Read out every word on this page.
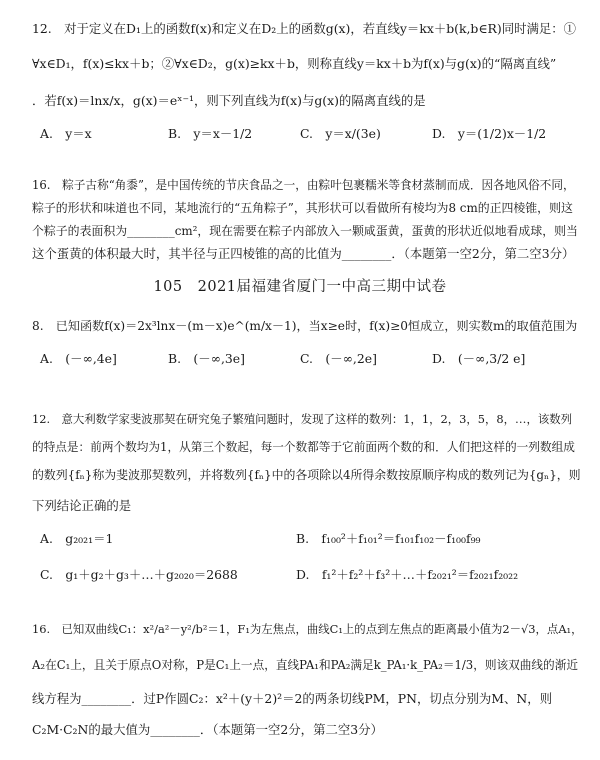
12.　对于定义在D₁上的函数f(x)和定义在D₂上的函数g(x)，若直线y＝kx＋b(k,b∈R)同时满足：①
∀x∈D₁，f(x)≤kx＋b；②∀x∈D₂，g(x)≥kx＋b，则称直线y＝kx＋b为f(x)与g(x)的“隔离直线”
．若f(x)＝lnx/x，g(x)＝eˣ⁻¹，则下列直线为f(x)与g(x)的隔离直线的是
A.　y＝x	B.　y＝x－1/2	C.　y＝x/(3e)	D.　y＝(1/2)x－1/2
16.　粽子古称“角黍”，是中国传统的节庆食品之一，由粽叶包裹糯米等食材蒸制而成．因各地风俗不同，
粽子的形状和味道也不同，某地流行的“五角粽子”，其形状可以看做所有棱均为8 cm的正四棱锥，则这
个粽子的表面积为________cm²，现在需要在粽子内部放入一颗咸蛋黄，蛋黄的形状近似地看成球，则当
这个蛋黄的体积最大时，其半径与正四棱锥的高的比值为________．（本题第一空2分，第二空3分）
105　2021届福建省厦门一中高三期中试卷
8.　已知函数f(x)＝2x³lnx－(m－x)e^(m/x－1)，当x≥e时，f(x)≥0恒成立，则实数m的取值范围为
A.　(－∞,4e]	B.　(－∞,3e]	C.　(－∞,2e]	D.　(－∞,3/2 e]
12.　意大利数学家斐波那契在研究兔子繁殖问题时，发现了这样的数列：1，1，2，3，5，8，…，该数列
的特点是：前两个数均为1，从第三个数起，每一个数都等于它前面两个数的和．人们把这样的一列数组成
的数列{fₙ}称为斐波那契数列，并将数列{fₙ}中的各项除以4所得余数按原顺序构成的数列记为{gₙ}，则
下列结论正确的是
A.　g₂₀₂₁＝1	B.　f₁₀₀²＋f₁₀₁²＝f₁₀₁f₁₀₂－f₁₀₀f₉₉
C.　g₁＋g₂＋g₃＋…＋g₂₀₂₀＝2688	D.　f₁²＋f₂²＋f₃²＋…＋f₂₀₂₁²＝f₂₀₂₁f₂₀₂₂
16.　已知双曲线C₁：x²/a²－y²/b²＝1，F₁为左焦点，曲线C₁上的点到左焦点的距离最小值为2－√3，点A₁，
A₂在C₁上，且关于原点O对称，P是C₁上一点，直线PA₁和PA₂满足k_PA₁·k_PA₂＝1/3，则该双曲线的渐近
线方程为________．过P作圆C₂：x²＋(y＋2)²＝2的两条切线PM，PN，切点分别为M、N，则
C₂M·C₂N的最大值为________．（本题第一空2分，第二空3分）
